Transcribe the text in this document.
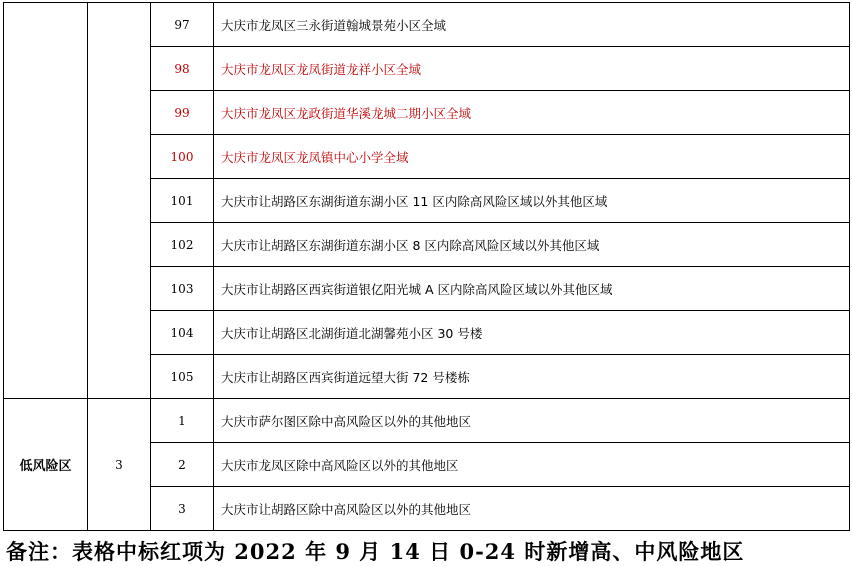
		97	大庆市龙凤区三永街道翰城景苑小区全域
		98	大庆市龙凤区龙凤街道龙祥小区全域
		99	大庆市龙凤区龙政街道华溪龙城二期小区全域
		100	大庆市龙凤区龙凤镇中心小学全域
		101	大庆市让胡路区东湖街道东湖小区 11 区内除高风险区域以外其他区域
		102	大庆市让胡路区东湖街道东湖小区 8 区内除高风险区域以外其他区域
		103	大庆市让胡路区西宾街道银亿阳光城 A 区内除高风险区域以外其他区域
		104	大庆市让胡路区北湖街道北湖馨苑小区 30 号楼
		105	大庆市让胡路区西宾街道远望大街 72 号楼栋
低风险区	3	1	大庆市萨尔图区除中高风险区以外的其他地区
		2	大庆市龙凤区除中高风险区以外的其他地区
		3	大庆市让胡路区除中高风险区以外的其他地区
备注：表格中标红项为 2022 年 9 月 14 日 0-24 时新增高、中风险地区
